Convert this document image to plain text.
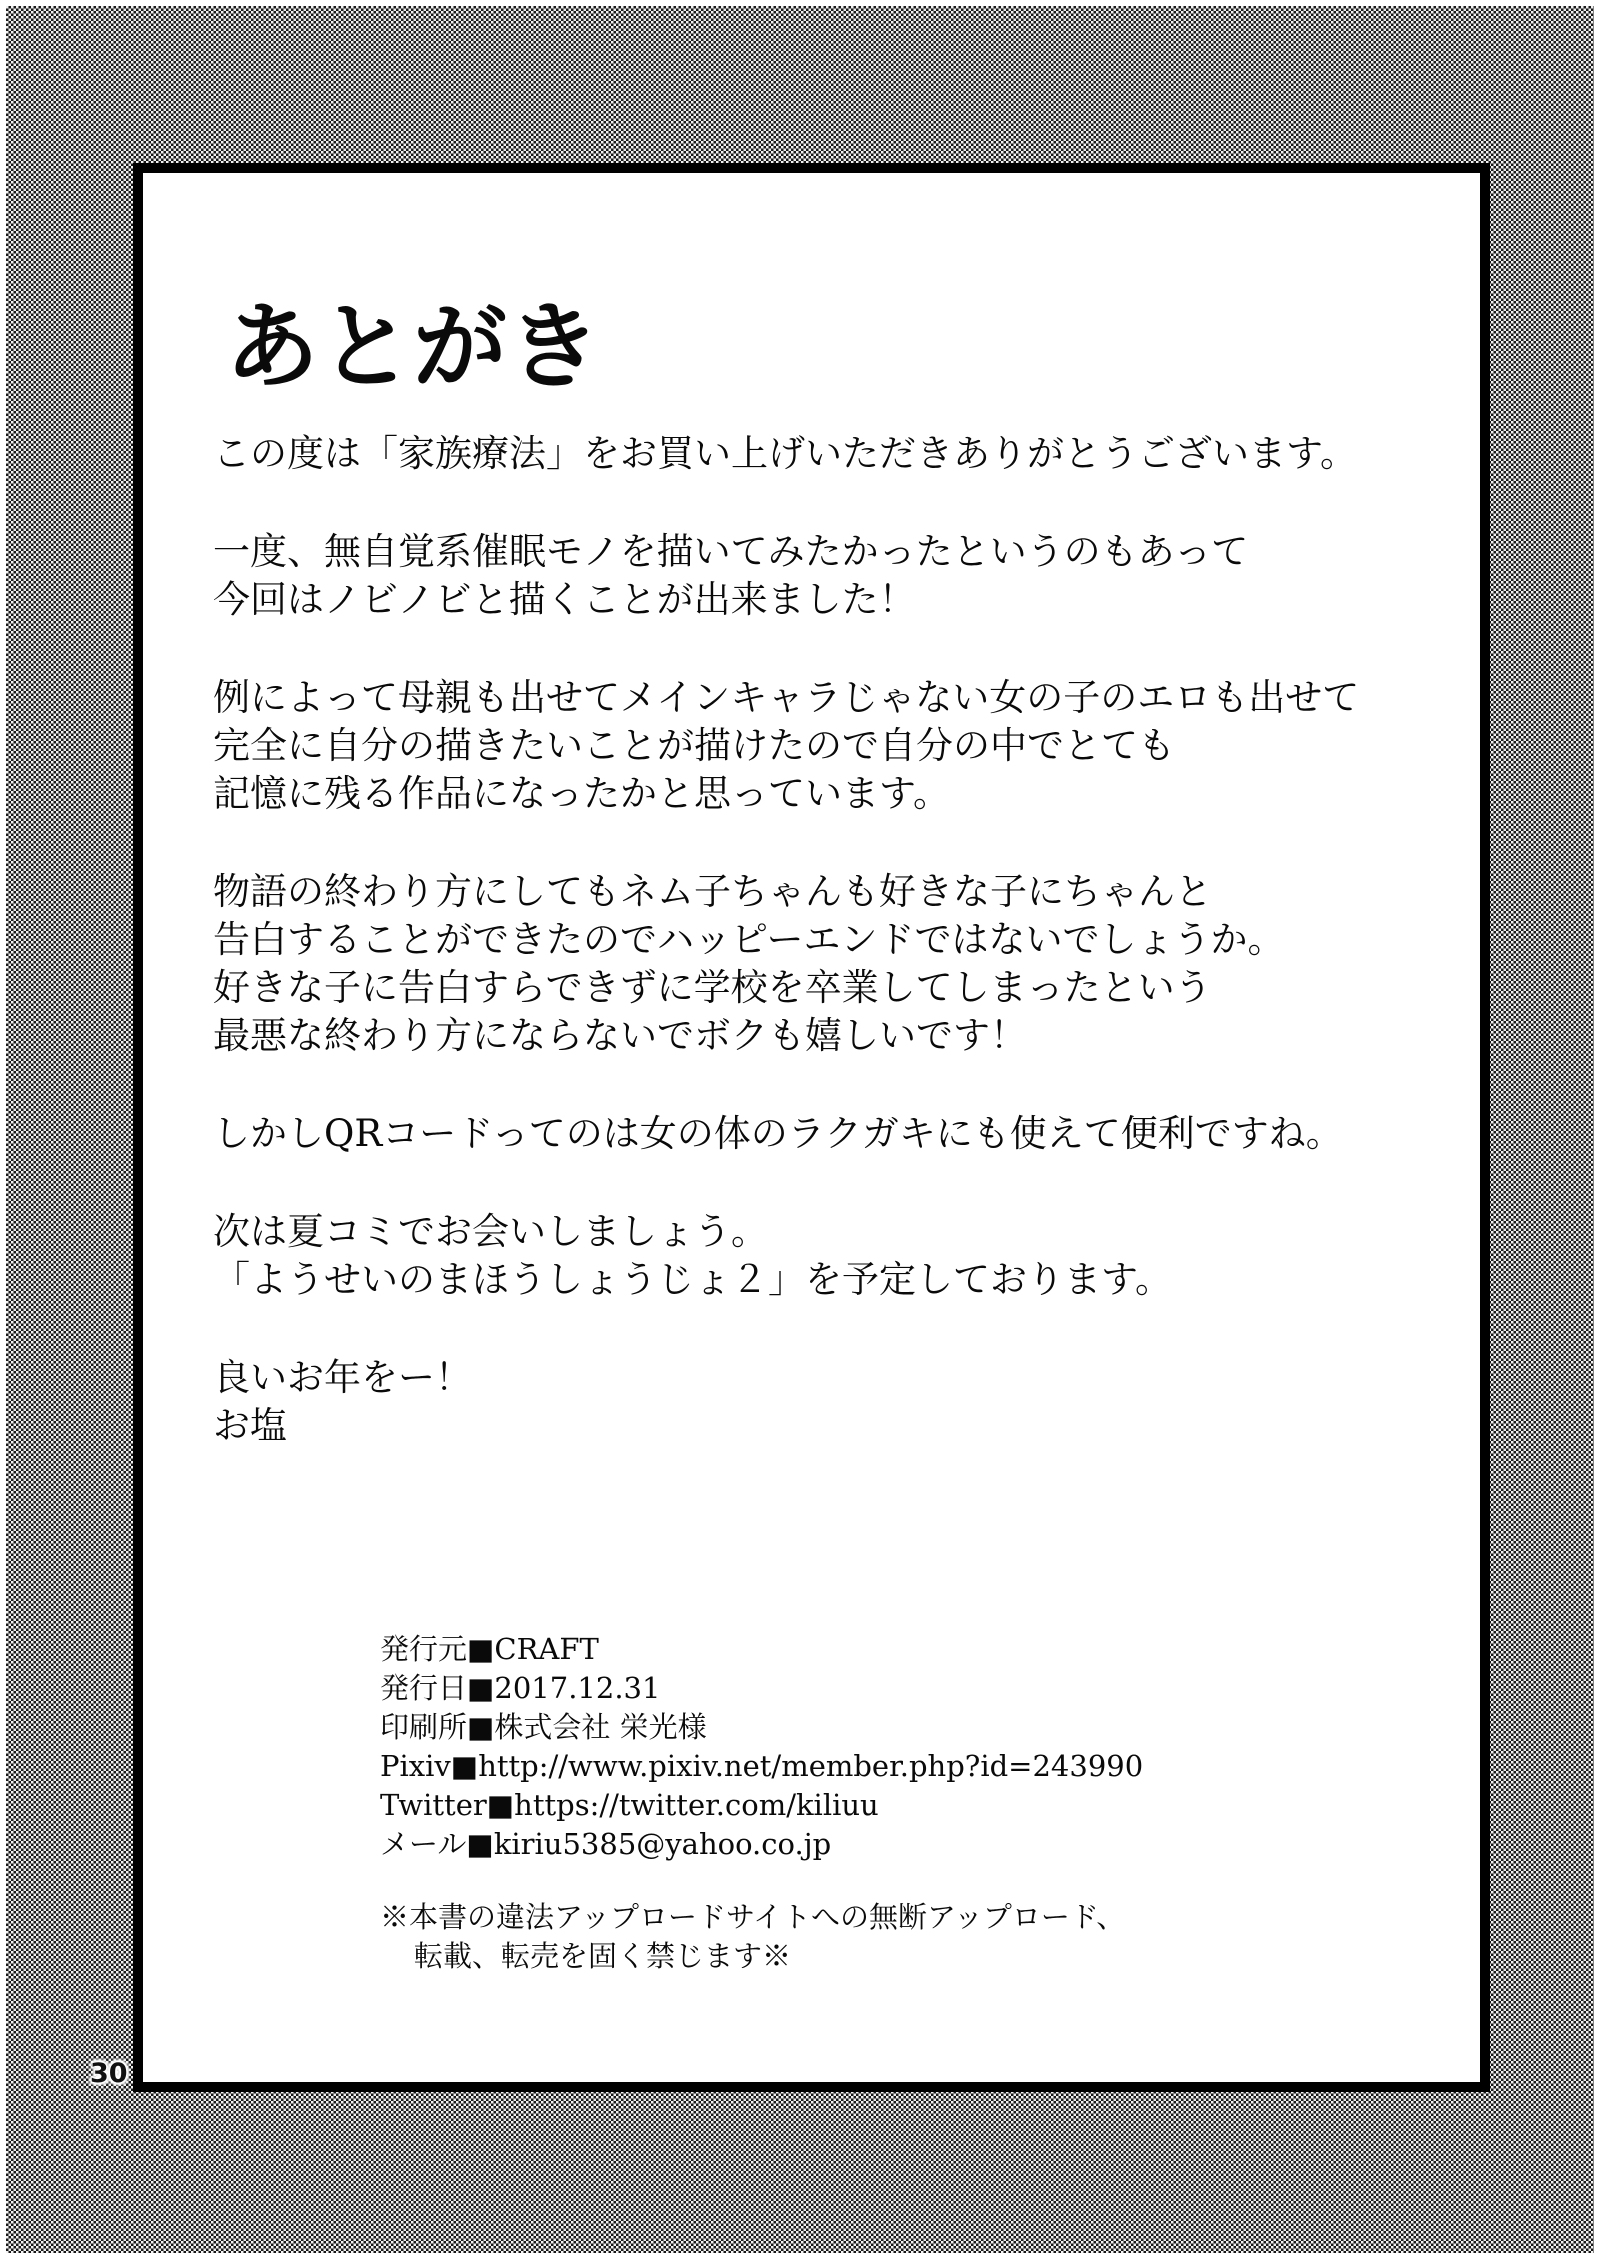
あとがき

この度は「家族療法」をお買い上げいただきありがとうございます。

一度、無自覚系催眠モノを描いてみたかったというのもあって
今回はノビノビと描くことが出来ました！

例によって母親も出せてメインキャラじゃない女の子のエロも出せて
完全に自分の描きたいことが描けたので自分の中でとても
記憶に残る作品になったかと思っています。

物語の終わり方にしてもネム子ちゃんも好きな子にちゃんと
告白することができたのでハッピーエンドではないでしょうか。
好きな子に告白すらできずに学校を卒業してしまったという
最悪な終わり方にならないでボクも嬉しいです！

しかしQRコードってのは女の体のラクガキにも使えて便利ですね。

次は夏コミでお会いしましょう。
「ようせいのまほうしょうじょ２」を予定しております。

良いお年をー！
お塩

発行元■CRAFT
発行日■2017.12.31
印刷所■株式会社 栄光様
Pixiv■http://www.pixiv.net/member.php?id=243990
Twitter■https://twitter.com/kiliuu
メール■kiriu5385@yahoo.co.jp
※本書の違法アップロードサイトへの無断アップロード、
転載、転売を固く禁じます※
30
